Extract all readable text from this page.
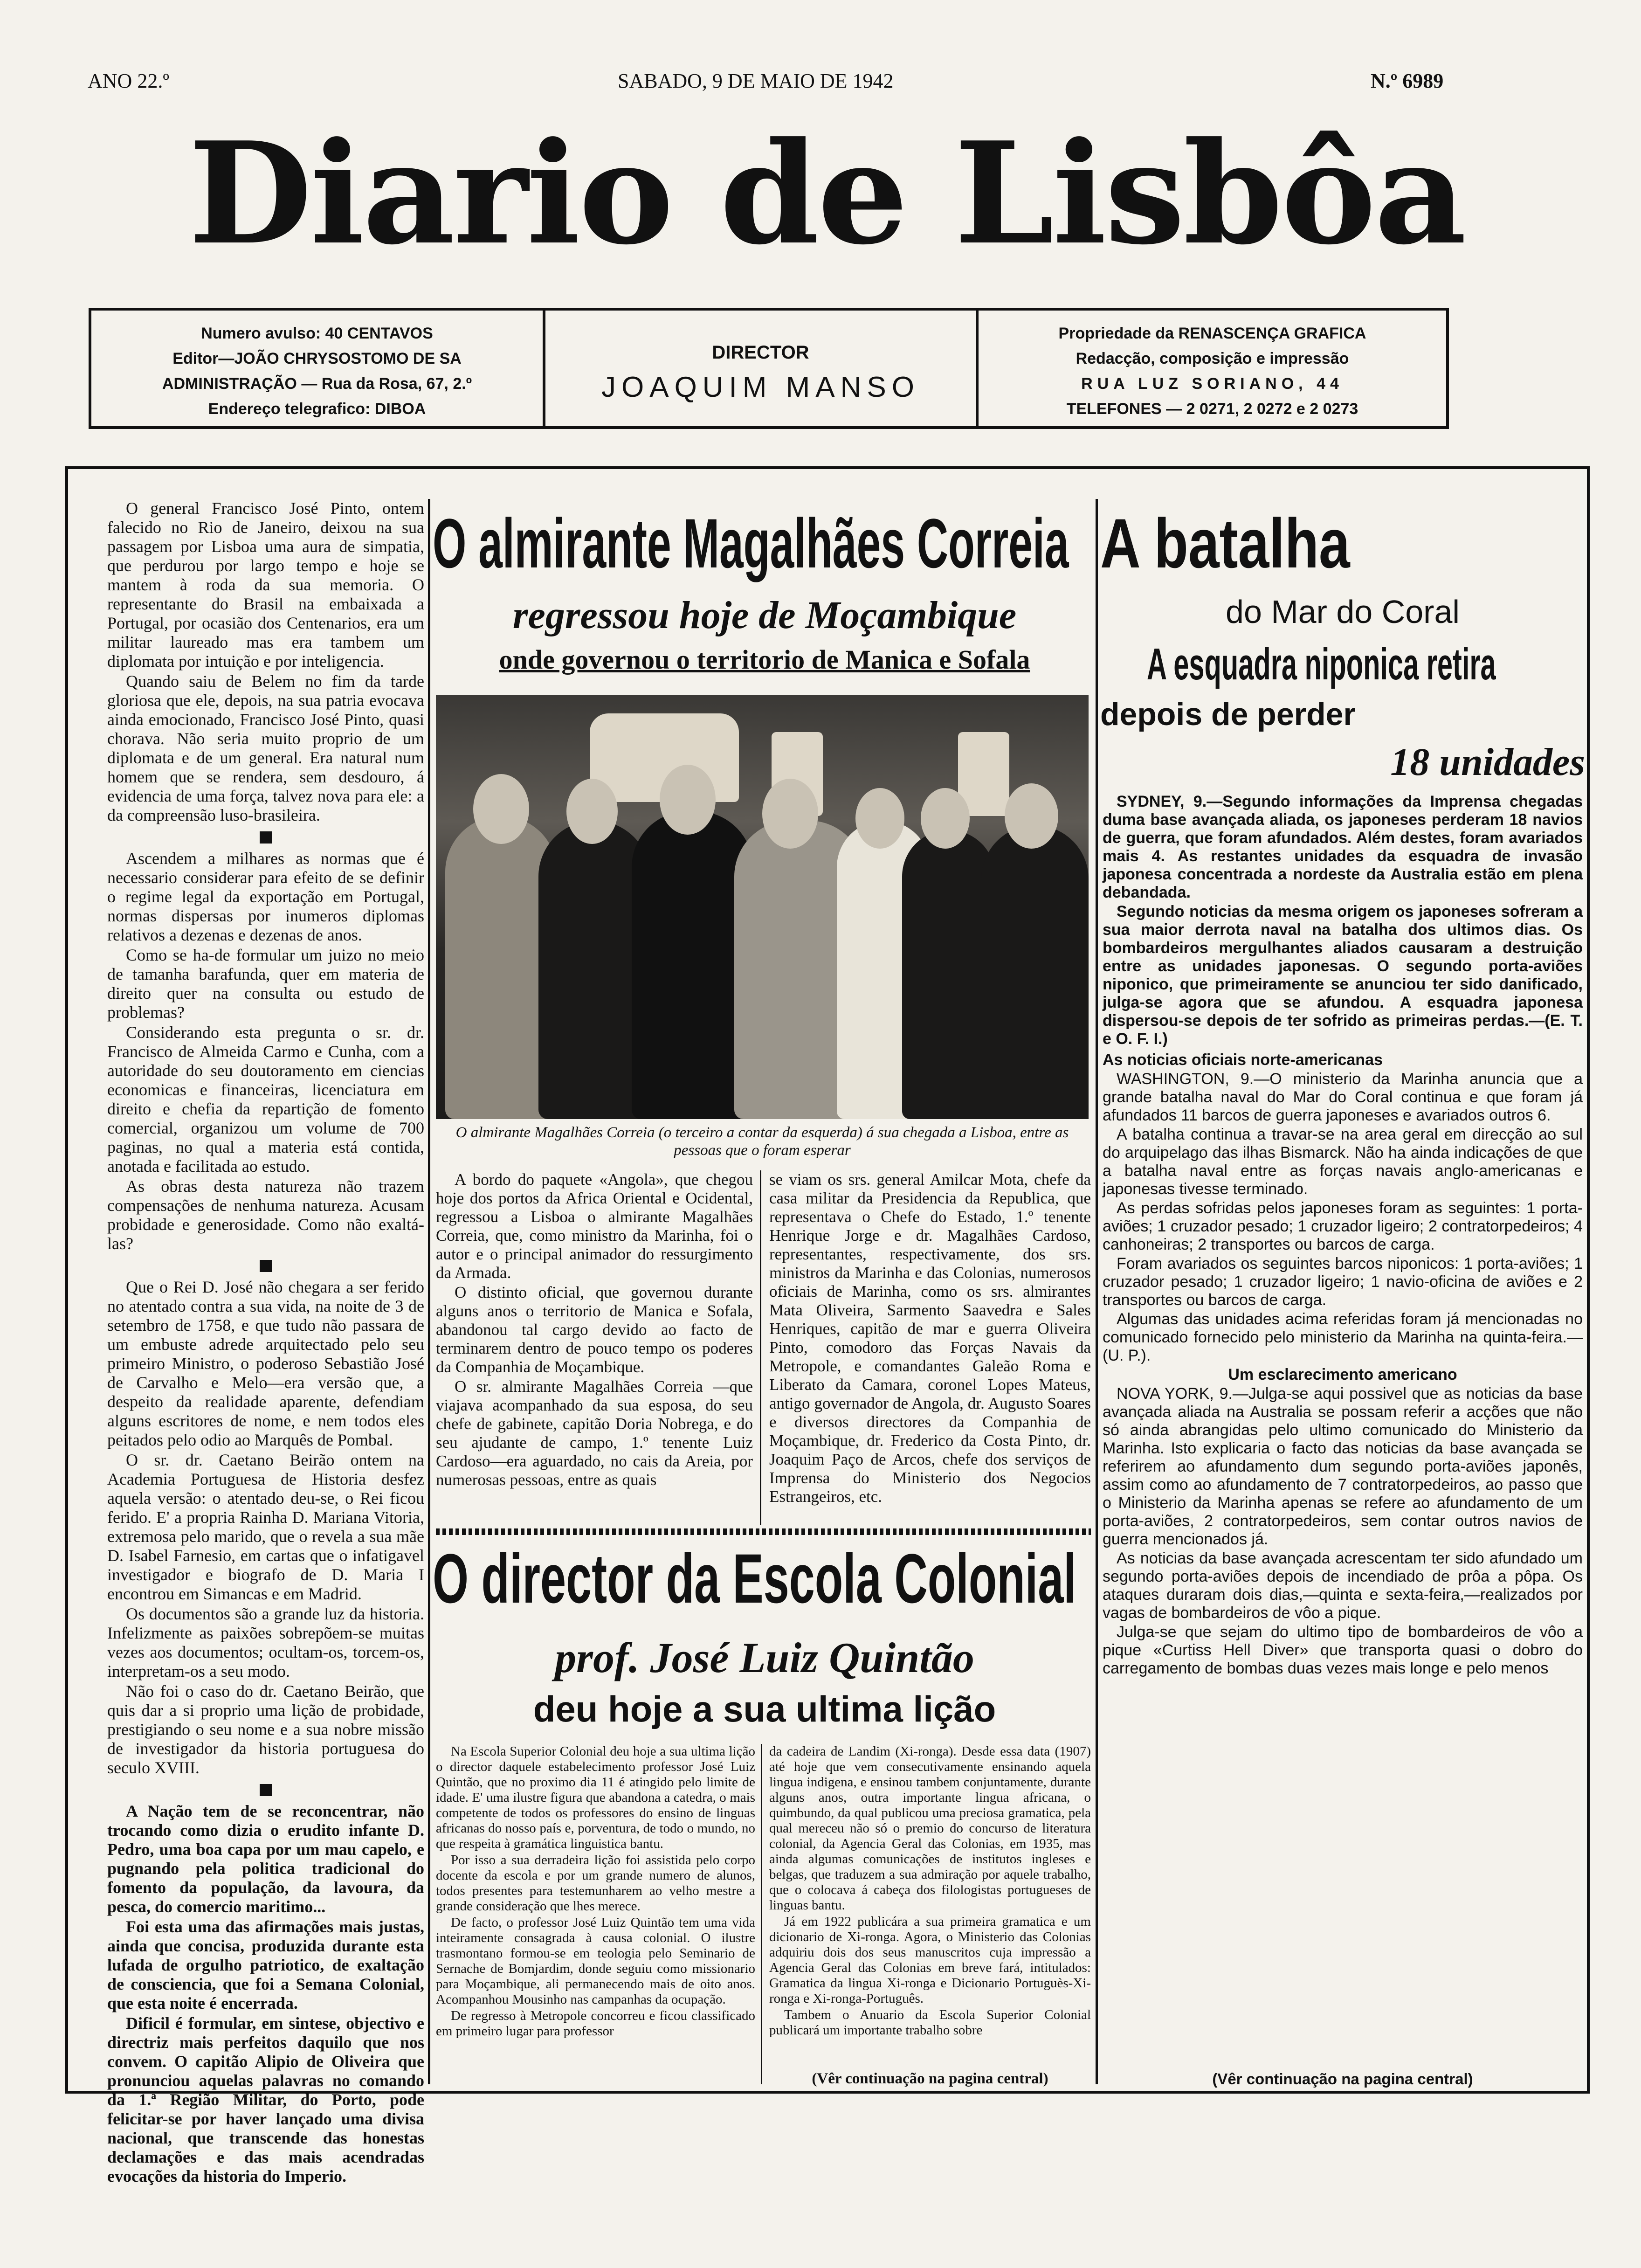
ANO 22.º	SABADO, 9 DE MAIO DE 1942	N.º 6989
Diario de Lisbôa

Numero avulso: 40 CENTAVOS

Editor—JOÃO CHRYSOSTOMO DE SA

ADMINISTRAÇÃO — Rua da Rosa, 67, 2.º

Endereço telegrafico: DIBOA

DIRECTOR

JOAQUIM MANSO

Propriedade da RENASCENÇA GRAFICA

Redacção, composição e impressão

RUA LUZ SORIANO, 44

TELEFONES — 2 0271, 2 0272 e 2 0273

O general Francisco José Pinto, ontem falecido no Rio de Janeiro, deixou na sua passagem por Lisboa uma aura de simpatia, que perdurou por largo tempo e hoje se mantem à roda da sua memoria. O representante do Brasil na embaixada a Portugal, por ocasião dos Centenarios, era um militar laureado mas era tambem um diplomata por intuição e por inteligencia.

Quando saiu de Belem no fim da tarde gloriosa que ele, depois, na sua patria evocava ainda emocionado, Francisco José Pinto, quasi chorava. Não seria muito proprio de um diplomata e de um general. Era natural num homem que se rendera, sem desdouro, á evidencia de uma força, talvez nova para ele: a da compreensão luso-brasileira.

Ascendem a milhares as normas que é necessario considerar para efeito de se definir o regime legal da exportação em Portugal, normas dispersas por inumeros diplomas relativos a dezenas e dezenas de anos.

Como se ha-de formular um juizo no meio de tamanha barafunda, quer em materia de direito quer na consulta ou estudo de problemas?

Considerando esta pregunta o sr. dr. Francisco de Almeida Carmo e Cunha, com a autoridade do seu doutoramento em ciencias economicas e financeiras, licenciatura em direito e chefia da repartição de fomento comercial, organizou um volume de 700 paginas, no qual a materia está contida, anotada e facilitada ao estudo.

As obras desta natureza não trazem compensações de nenhuma natureza. Acusam probidade e generosidade. Como não exaltá-las?

Que o Rei D. José não chegara a ser ferido no atentado contra a sua vida, na noite de 3 de setembro de 1758, e que tudo não passara de um embuste adrede arquitectado pelo seu primeiro Ministro, o poderoso Sebastião José de Carvalho e Melo—era versão que, a despeito da realidade aparente, defendiam alguns escritores de nome, e nem todos eles peitados pelo odio ao Marquês de Pombal.

O sr. dr. Caetano Beirão ontem na Academia Portuguesa de Historia desfez aquela versão: o atentado deu-se, o Rei ficou ferido. E' a propria Rainha D. Mariana Vitoria, extremosa pelo marido, que o revela a sua mãe D. Isabel Farnesio, em cartas que o infatigavel investigador e biografo de D. Maria I encontrou em Simancas e em Madrid.

Os documentos são a grande luz da historia. Infelizmente as paixões sobrepõem-se muitas vezes aos documentos; ocultam-os, torcem-os, interpretam-os a seu modo.

Não foi o caso do dr. Caetano Beirão, que quis dar a si proprio uma lição de probidade, prestigiando o seu nome e a sua nobre missão de investigador da historia portuguesa do seculo XVIII.

A Nação tem de se reconcentrar, não trocando como dizia o erudito infante D. Pedro, uma boa capa por um mau capelo, e pugnando pela politica tradicional do fomento da população, da lavoura, da pesca, do comercio maritimo...

Foi esta uma das afirmações mais justas, ainda que concisa, produzida durante esta lufada de orgulho patriotico, de exaltação de consciencia, que foi a Semana Colonial, que esta noite é encerrada.

Dificil é formular, em sintese, objectivo e directriz mais perfeitos daquilo que nos convem. O capitão Alipio de Oliveira que pronunciou aquelas palavras no comando da 1.ª Região Militar, do Porto, pode felicitar-se por haver lançado uma divisa nacional, que transcende das honestas declamações e das mais acendradas evocações da historia do Imperio.

O almirante Magalhães Correia
regressou hoje de Moçambique
onde governou o territorio de Manica e Sofala
O almirante Magalhães Correia (o terceiro a contar da esquerda) á sua chegada a Lisboa, entre as pessoas que o foram esperar

A bordo do paquete «Angola», que chegou hoje dos portos da Africa Oriental e Ocidental, regressou a Lisboa o almirante Magalhães Correia, que, como ministro da Marinha, foi o autor e o principal animador do ressurgimento da Armada.

O distinto oficial, que governou durante alguns anos o territorio de Manica e Sofala, abandonou tal cargo devido ao facto de terminarem dentro de pouco tempo os poderes da Companhia de Moçambique.

O sr. almirante Magalhães Correia —que viajava acompanhado da sua esposa, do seu chefe de gabinete, capitão Doria Nobrega, e do seu ajudante de campo, 1.º tenente Luiz Cardoso—era aguardado, no cais da Areia, por numerosas pessoas, entre as quais

se viam os srs. general Amilcar Mota, chefe da casa militar da Presidencia da Republica, que representava o Chefe do Estado, 1.º tenente Henrique Jorge e dr. Magalhães Cardoso, representantes, respectivamente, dos srs. ministros da Marinha e das Colonias, numerosos oficiais de Marinha, como os srs. almirantes Mata Oliveira, Sarmento Saavedra e Sales Henriques, capitão de mar e guerra Oliveira Pinto, comodoro das Forças Navais da Metropole, e comandantes Galeão Roma e Liberato da Camara, coronel Lopes Mateus, antigo governador de Angola, dr. Augusto Soares e diversos directores da Companhia de Moçambique, dr. Frederico da Costa Pinto, dr. Joaquim Paço de Arcos, chefe dos serviços de Imprensa do Ministerio dos Negocios Estrangeiros, etc.

O director da Escola Colonial
prof. José Luiz Quintão
deu hoje a sua ultima lição

Na Escola Superior Colonial deu hoje a sua ultima lição o director daquele estabelecimento professor José Luiz Quintão, que no proximo dia 11 é atingido pelo limite de idade. E' uma ilustre figura que abandona a catedra, o mais competente de todos os professores do ensino de linguas africanas do nosso país e, porventura, de todo o mundo, no que respeita à gramática linguistica bantu.

Por isso a sua derradeira lição foi assistida pelo corpo docente da escola e por um grande numero de alunos, todos presentes para testemunharem ao velho mestre a grande consideração que lhes merece.

De facto, o professor José Luiz Quintão tem uma vida inteiramente consagrada à causa colonial. O ilustre trasmontano formou-se em teologia pelo Seminario de Sernache de Bomjardim, donde seguiu como missionario para Moçambique, ali permanecendo mais de oito anos. Acompanhou Mousinho nas campanhas da ocupação.

De regresso à Metropole concorreu e ficou classificado em primeiro lugar para professor

da cadeira de Landim (Xi-ronga). Desde essa data (1907) até hoje que vem consecutivamente ensinando aquela lingua indigena, e ensinou tambem conjuntamente, durante alguns anos, outra importante lingua africana, o quimbundo, da qual publicou uma preciosa gramatica, pela qual mereceu não só o premio do concurso de literatura colonial, da Agencia Geral das Colonias, em 1935, mas ainda algumas comunicações de institutos ingleses e belgas, que traduzem a sua admiração por aquele trabalho, que o colocava á cabeça dos filologistas portugueses de linguas bantu.

Já em 1922 publicára a sua primeira gramatica e um dicionario de Xi-ronga. Agora, o Ministerio das Colonias adquiriu dois dos seus manuscritos cuja impressão a Agencia Geral das Colonias em breve fará, intitulados: Gramatica da lingua Xi-ronga e Dicionario Portuguès-Xi-ronga e Xi-ronga-Português.

Tambem o Anuario da Escola Superior Colonial publicará um importante trabalho sobre

(Vêr continuação na pagina central)
A batalha
do Mar do Coral
A esquadra niponica retira
depois de perder
18 unidades

SYDNEY, 9.—Segundo informações da Imprensa chegadas duma base avançada aliada, os japoneses perderam 18 navios de guerra, que foram afundados. Além destes, foram avariados mais 4. As restantes unidades da esquadra de invasão japonesa concentrada a nordeste da Australia estão em plena debandada.

Segundo noticias da mesma origem os japoneses sofreram a sua maior derrota naval na batalha dos ultimos dias. Os bombardeiros mergulhantes aliados causaram a destruição entre as unidades japonesas. O segundo porta-aviões niponico, que primeiramente se anunciou ter sido danificado, julga-se agora que se afundou. A esquadra japonesa dispersou-se depois de ter sofrido as primeiras perdas.—(E. T. e O. F. I.)

As noticias oficiais norte-americanas

WASHINGTON, 9.—O ministerio da Marinha anuncia que a grande batalha naval do Mar do Coral continua e que foram já afundados 11 barcos de guerra japoneses e avariados outros 6.

A batalha continua a travar-se na area geral em direcção ao sul do arquipelago das ilhas Bismarck. Não ha ainda indicações de que a batalha naval entre as forças navais anglo-americanas e japonesas tivesse terminado.

As perdas sofridas pelos japoneses foram as seguintes: 1 porta-aviões; 1 cruzador pesado; 1 cruzador ligeiro; 2 contratorpedeiros; 4 canhoneiras; 2 transportes ou barcos de carga.

Foram avariados os seguintes barcos niponicos: 1 porta-aviões; 1 cruzador pesado; 1 cruzador ligeiro; 1 navio-oficina de aviões e 2 transportes ou barcos de carga.

Algumas das unidades acima referidas foram já mencionadas no comunicado fornecido pelo ministerio da Marinha na quinta-feira.—(U. P.).

Um esclarecimento americano

NOVA YORK, 9.—Julga-se aqui possivel que as noticias da base avançada aliada na Australia se possam referir a acções que não só ainda abrangidas pelo ultimo comunicado do Ministerio da Marinha. Isto explicaria o facto das noticias da base avançada se referirem ao afundamento dum segundo porta-aviões japonês, assim como ao afundamento de 7 contratorpedeiros, ao passo que o Ministerio da Marinha apenas se refere ao afundamento de um porta-aviões, 2 contratorpedeiros, sem contar outros navios de guerra mencionados já.

As noticias da base avançada acrescentam ter sido afundado um segundo porta-aviões depois de incendiado de prôa a pôpa. Os ataques duraram dois dias,—quinta e sexta-feira,—realizados por vagas de bombardeiros de vôo a pique.

Julga-se que sejam do ultimo tipo de bombardeiros de vôo a pique «Curtiss Hell Diver» que transporta quasi o dobro do carregamento de bombas duas vezes mais longe e pelo menos

(Vêr continuação na pagina central)
